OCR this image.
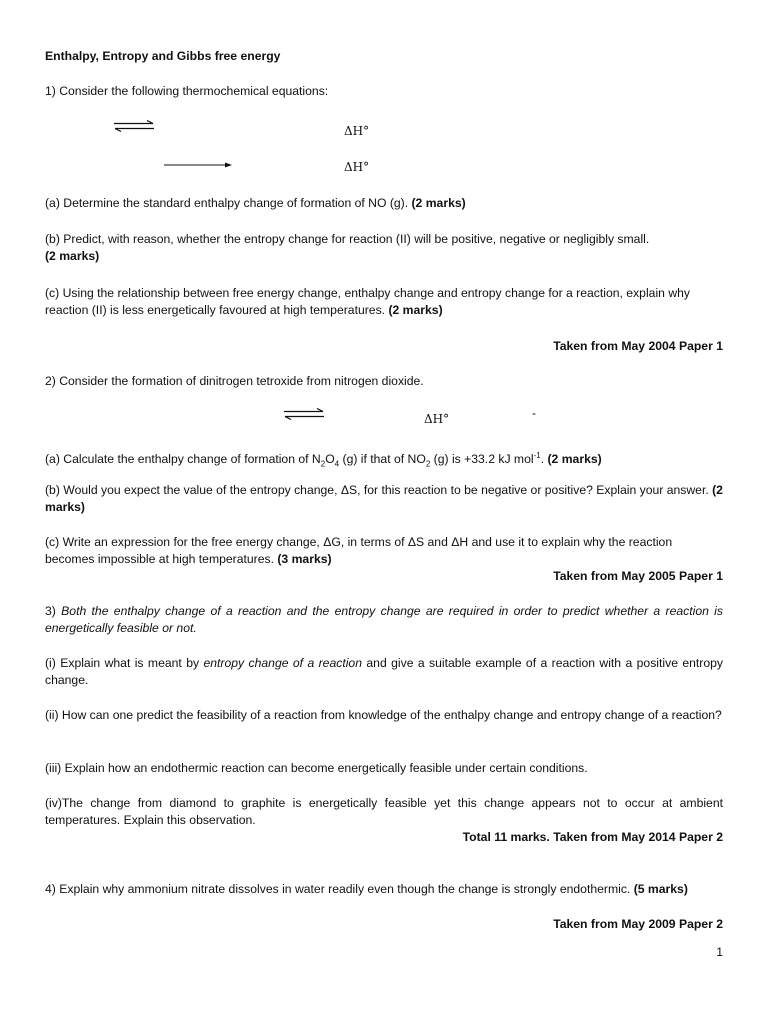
Enthalpy, Entropy and Gibbs free energy
1) Consider the following thermochemical equations:
ΔH°
ΔH°
(a) Determine the standard enthalpy change of formation of NO (g). (2 marks)
(b) Predict, with reason, whether the entropy change for reaction (II) will be positive, negative or negligibly small.
(2 marks)
(c) Using the relationship between free energy change, enthalpy change and entropy change for a reaction, explain why reaction (II) is less energetically favoured at high temperatures. (2 marks)
Taken from May 2004 Paper 1
2) Consider the formation of dinitrogen tetroxide from nitrogen dioxide.
ΔH°	-
(a) Calculate the enthalpy change of formation of $N_2O_4$ (g) if that of $NO_2$ (g) is +33.2 kJ mol$^{-1}$. (2 marks)
(b) Would you expect the value of the entropy change, ΔS, for this reaction to be negative or positive? Explain your answer. (2 marks)
(c) Write an expression for the free energy change, ΔG, in terms of ΔS and ΔH and use it to explain why the reaction becomes impossible at high temperatures. (3 marks)
Taken from May 2005 Paper 1
3) Both the enthalpy change of a reaction and the entropy change are required in order to predict whether a reaction is energetically feasible or not.
(i) Explain what is meant by entropy change of a reaction and give a suitable example of a reaction with a positive entropy change.
(ii) How can one predict the feasibility of a reaction from knowledge of the enthalpy change and entropy change of a reaction?
(iii) Explain how an endothermic reaction can become energetically feasible under certain conditions.
(iv)The change from diamond to graphite is energetically feasible yet this change appears not to occur at ambient temperatures. Explain this observation.
Total 11 marks. Taken from May 2014 Paper 2
4) Explain why ammonium nitrate dissolves in water readily even though the change is strongly endothermic. (5 marks)
Taken from May 2009 Paper 2
1
